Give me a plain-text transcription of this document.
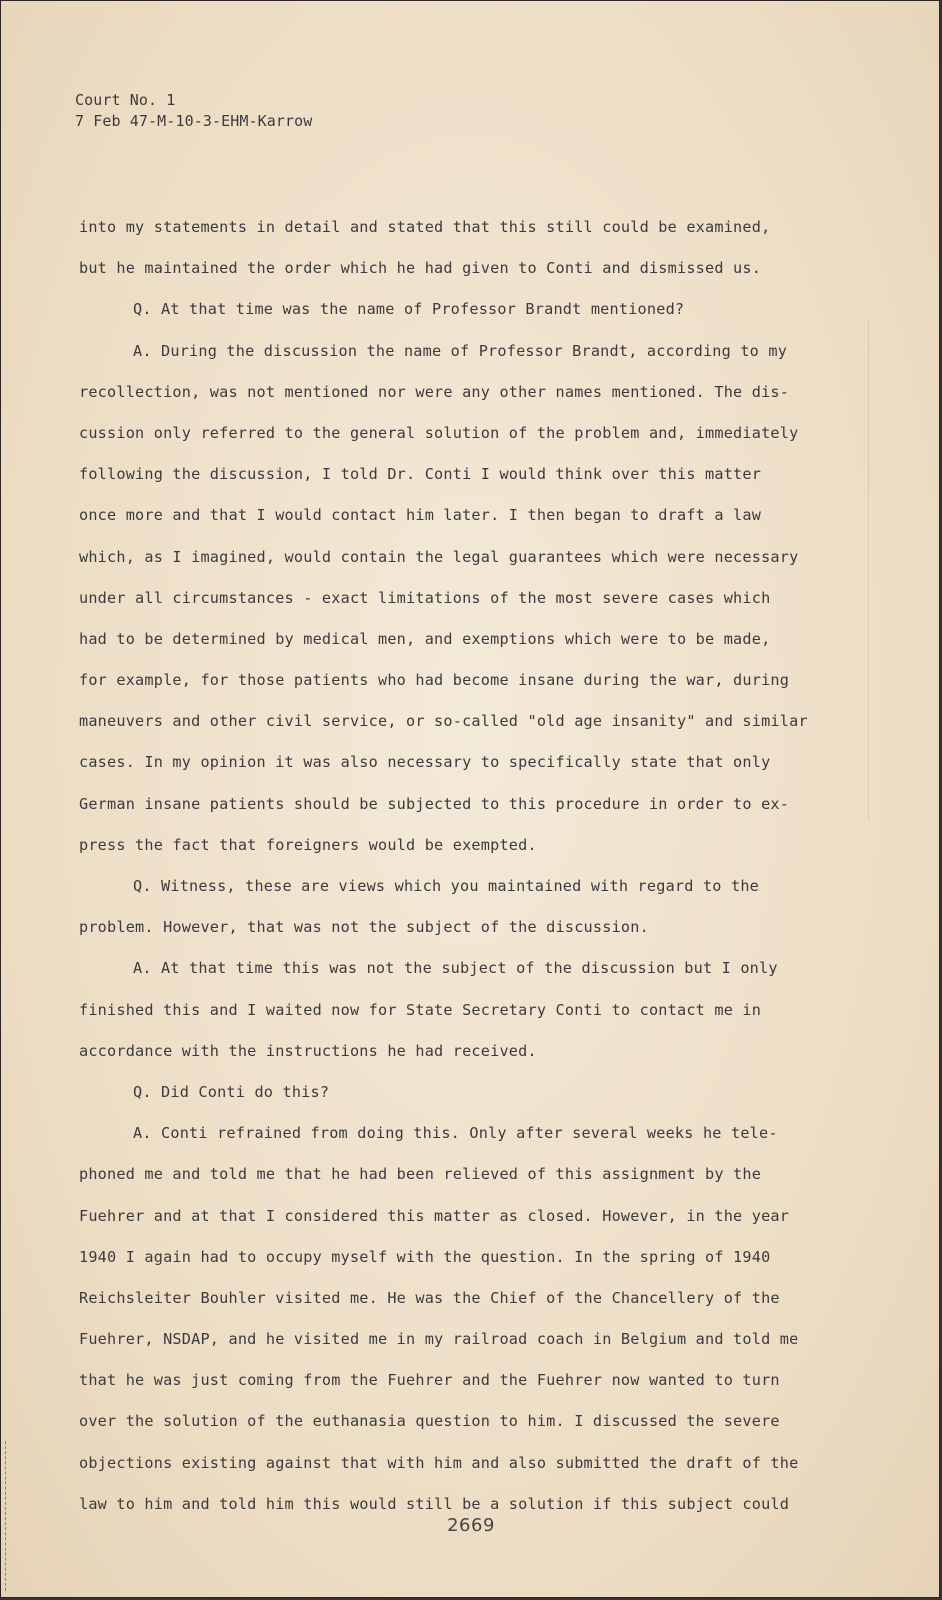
Court No. 1
7 Feb 47-M-10-3-EHM-Karrow
into my statements in detail and stated that this still could be examined,
but he maintained the order which he had given to Conti and dismissed us.
Q. At that time was the name of Professor Brandt mentioned?
A. During the discussion the name of Professor Brandt, according to my
recollection, was not mentioned nor were any other names mentioned. The dis-
cussion only referred to the general solution of the problem and, immediately
following the discussion, I told Dr. Conti I would think over this matter
once more and that I would contact him later. I then began to draft a law
which, as I imagined, would contain the legal guarantees which were necessary
under all circumstances - exact limitations of the most severe cases which
had to be determined by medical men, and exemptions which were to be made,
for example, for those patients who had become insane during the war, during
maneuvers and other civil service, or so-called "old age insanity" and similar
cases. In my opinion it was also necessary to specifically state that only
German insane patients should be subjected to this procedure in order to ex-
press the fact that foreigners would be exempted.
Q. Witness, these are views which you maintained with regard to the
problem. However, that was not the subject of the discussion.
A. At that time this was not the subject of the discussion but I only
finished this and I waited now for State Secretary Conti to contact me in
accordance with the instructions he had received.
Q. Did Conti do this?
A. Conti refrained from doing this. Only after several weeks he tele-
phoned me and told me that he had been relieved of this assignment by the
Fuehrer and at that I considered this matter as closed. However, in the year
1940 I again had to occupy myself with the question. In the spring of 1940
Reichsleiter Bouhler visited me. He was the Chief of the Chancellery of the
Fuehrer, NSDAP, and he visited me in my railroad coach in Belgium and told me
that he was just coming from the Fuehrer and the Fuehrer now wanted to turn
over the solution of the euthanasia question to him. I discussed the severe
objections existing against that with him and also submitted the draft of the
law to him and told him this would still be a solution if this subject could
2669
